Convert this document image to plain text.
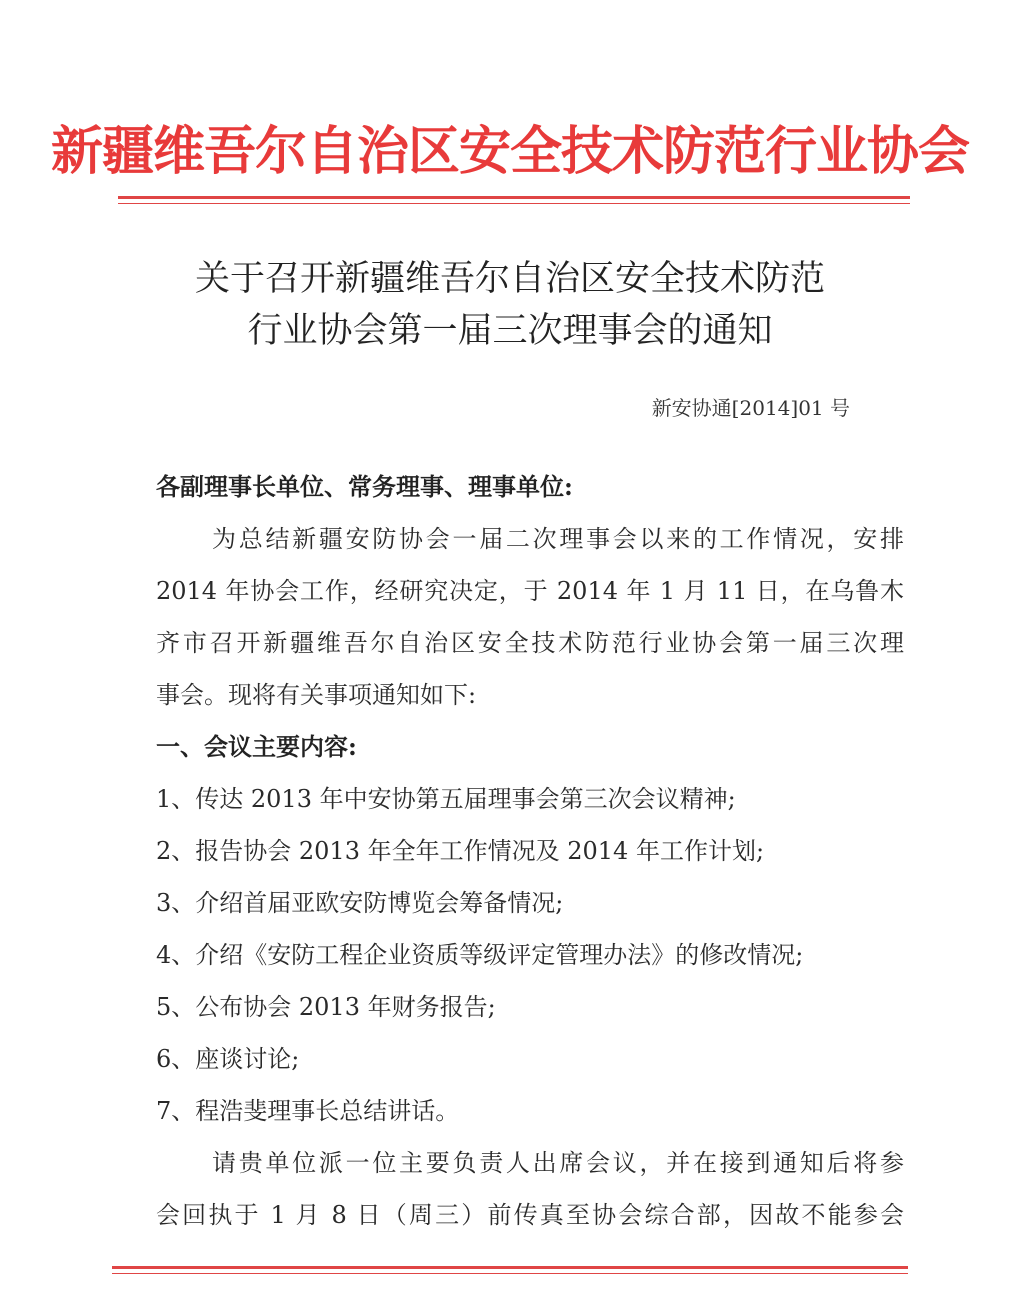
新疆维吾尔自治区安全技术防范行业协会
关于召开新疆维吾尔自治区安全技术防范
行业协会第一届三次理事会的通知
新安协通[2014]01 号
各副理事长单位、常务理事、理事单位:
为总结新疆安防协会一届二次理事会以来的工作情况，安排
2014 年协会工作，经研究决定，于 2014 年 1 月 11 日，在乌鲁木
齐市召开新疆维吾尔自治区安全技术防范行业协会第一届三次理
事会。现将有关事项通知如下:
一、会议主要内容:
1、传达 2013 年中安协第五届理事会第三次会议精神;
2、报告协会 2013 年全年工作情况及 2014 年工作计划;
3、介绍首届亚欧安防博览会筹备情况;
4、介绍《安防工程企业资质等级评定管理办法》的修改情况;
5、公布协会 2013 年财务报告;
6、座谈讨论;
7、程浩斐理事长总结讲话。
请贵单位派一位主要负责人出席会议，并在接到通知后将参
会回执于 1 月 8 日（周三）前传真至协会综合部，因故不能参会
